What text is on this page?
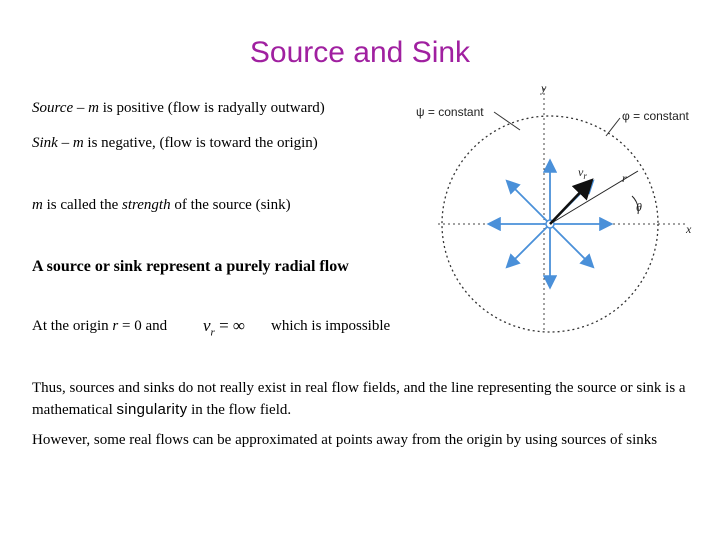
Source and Sink
Source – m is positive (flow is radyally outward)
Sink – m is negative, (flow is toward the origin)
m is called the strength of the source (sink)
A source or sink represent a purely radial flow
At the origin r = 0 and $v_r$ = ∞ which is impossible
Thus, sources and sinks do not really exist in real flow fields, and the line representing the source or sink is a mathematical singularity in the flow field.
However, some real flows can be approximated at points away from the origin by using sources of sinks
ψ = constant	φ = constant
y
x
$v_r$	r
θ
